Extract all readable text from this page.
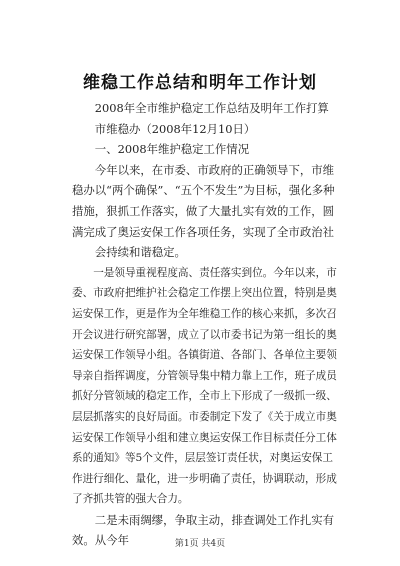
维稳工作总结和明年工作计划

2008年全市维护稳定工作总结及明年工作打算

市维稳办（2008年12月10日）

一、2008年维护稳定工作情况

今年以来，在市委、市政府的正确领导下，市维稳办以“两个确保”、“五个不发生”为目标，强化多种措施，狠抓工作落实，做了大量扎实有效的工作，圆满完成了奥运安保工作各项任务，实现了全市政治社

会持续和谐稳定。

一是领导重视程度高、责任落实到位。今年以来，市委、市政府把维护社会稳定工作摆上突出位置，特别是奥运安保工作，更是作为全年维稳工作的核心来抓，多次召开会议进行研究部署，成立了以市委书记为第一组长的奥运安保工作领导小组。各镇街道、各部门、各单位主要领导亲自指挥调度，分管领导集中精力靠上工作，班子成员抓好分管领域的稳定工作，全市上下形成了一级抓一级、层层抓落实的良好局面。市委制定下发了《关于成立市奥运安保工作领导小组和建立奥运安保工作目标责任分工体系的通知》等5个文件，层层签订责任状，对奥运安保工作进行细化、量化，进一步明确了责任，协调联动，形成了齐抓共管的强大合力。

二是未雨绸缪，争取主动，排查调处工作扎实有效。从今年	第1页 共4页
